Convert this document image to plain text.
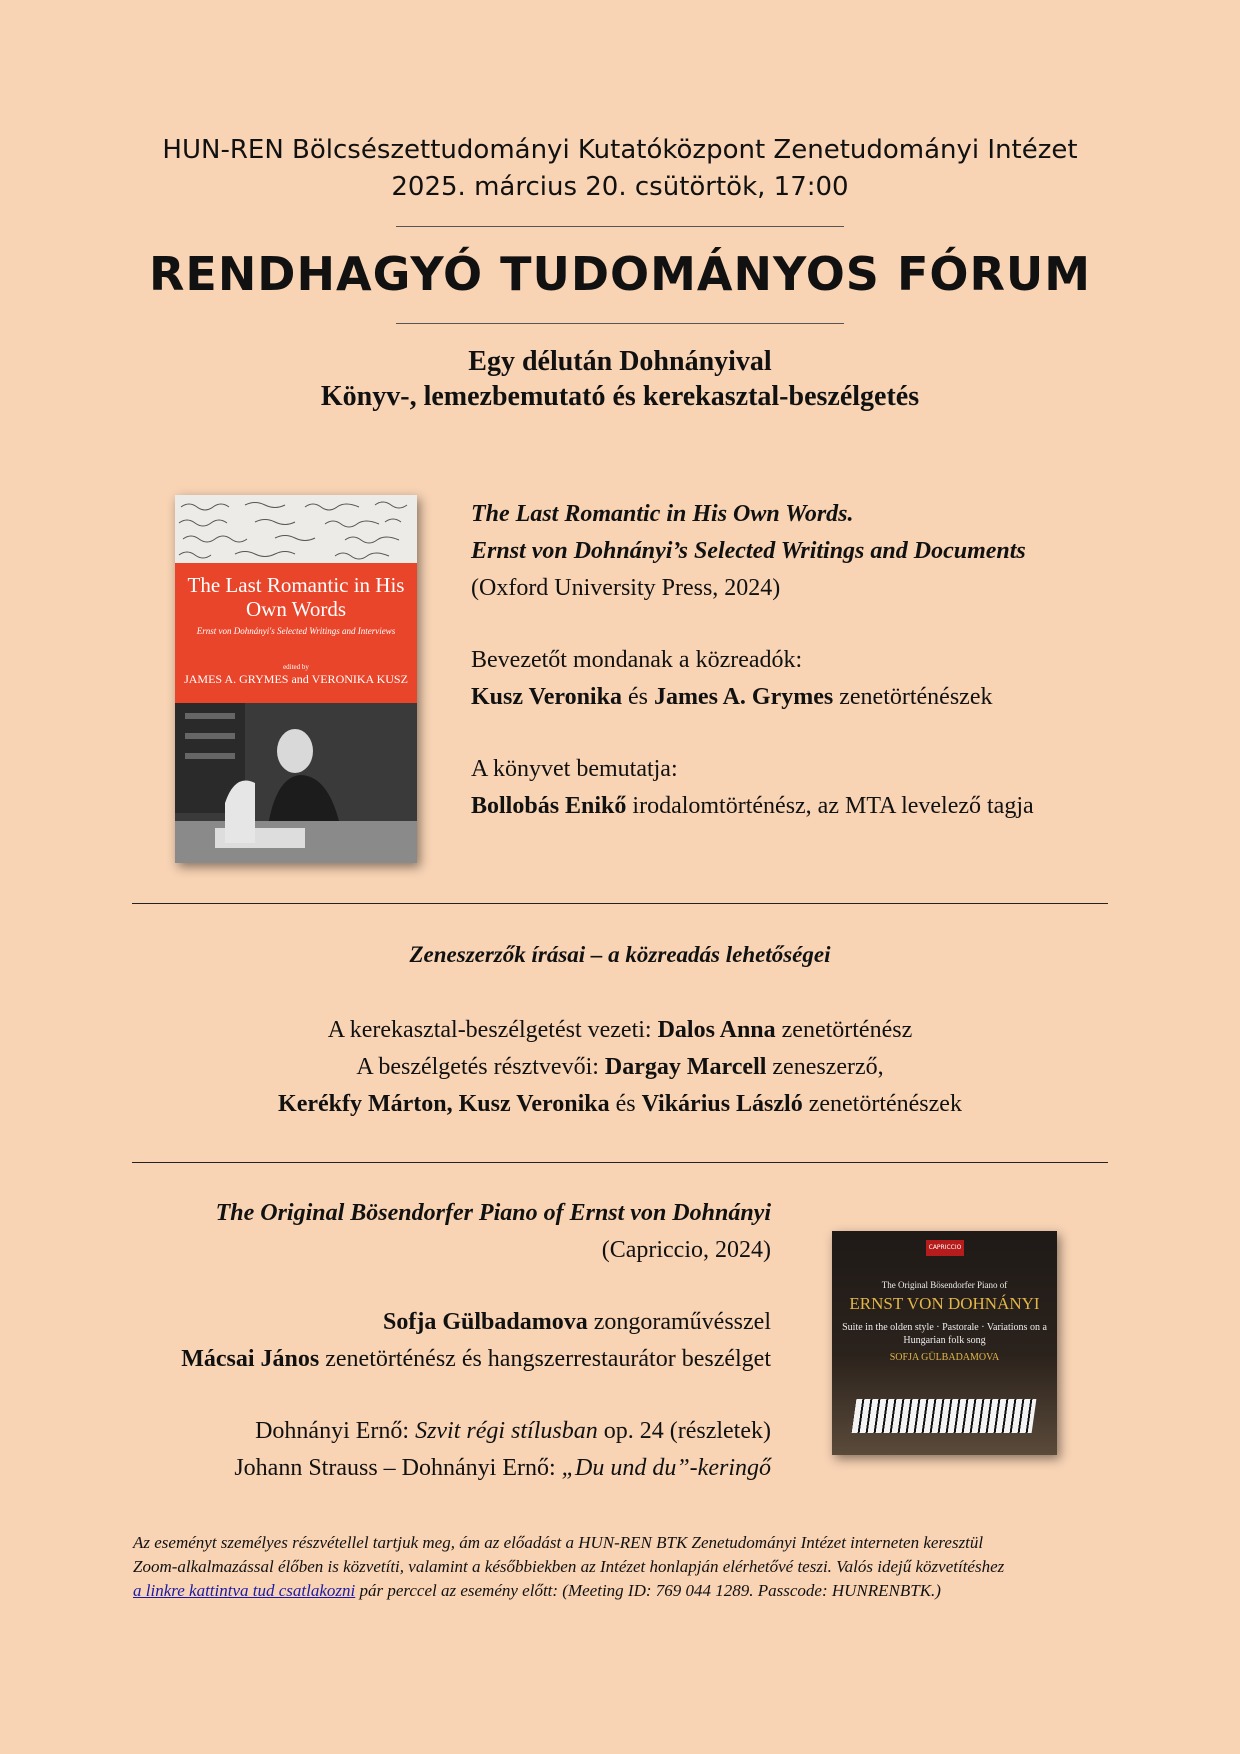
HUN-REN Bölcsészettudományi Kutatóközpont Zenetudományi Intézet
2025. március 20. csütörtök, 17:00
RENDHAGYÓ TUDOMÁNYOS FÓRUM
Egy délután Dohnányival
Könyv-, lemezbemutató és kerekasztal-beszélgetés
The Last Romantic in His Own Words
Ernst von Dohnányi's Selected Writings and Interviews
edited by
JAMES A. GRYMES and VERONIKA KUSZ
The Last Romantic in His Own Words.
Ernst von Dohnányi’s Selected Writings and Documents
(Oxford University Press, 2024)
Bevezetőt mondanak a közreadók:
Kusz Veronika és James A. Grymes zenetörténészek
A könyvet bemutatja:
Bollobás Enikő irodalomtörténész, az MTA levelező tagja
Zeneszerzők írásai – a közreadás lehetőségei
A kerekasztal-beszélgetést vezeti: Dalos Anna zenetörténész
A beszélgetés résztvevői: Dargay Marcell zeneszerző,
Kerékfy Márton, Kusz Veronika és Vikárius László zenetörténészek
The Original Bösendorfer Piano of Ernst von Dohnányi
(Capriccio, 2024)
Sofja Gülbadamova zongoraművésszel
Mácsai János zenetörténész és hangszerrestaurátor beszélget
Dohnányi Ernő: Szvit régi stílusban op. 24 (részletek)
Johann Strauss – Dohnányi Ernő: „Du und du”-keringő
CAPRICCIO
The Original Bösendorfer Piano of
ERNST VON DOHNÁNYI
Suite in the olden style · Pastorale · Variations on a Hungarian folk song
SOFJA GÜLBADAMOVA
Az eseményt személyes részvétellel tartjuk meg, ám az előadást a HUN-REN BTK Zenetudományi Intézet interneten keresztül
Zoom-alkalmazással élőben is közvetíti, valamint a későbbiekben az Intézet honlapján elérhetővé teszi. Valós idejű közvetítéshez
a linkre kattintva tud csatlakozni pár perccel az esemény előtt: (Meeting ID: 769 044 1289. Passcode: HUNRENBTK.)
